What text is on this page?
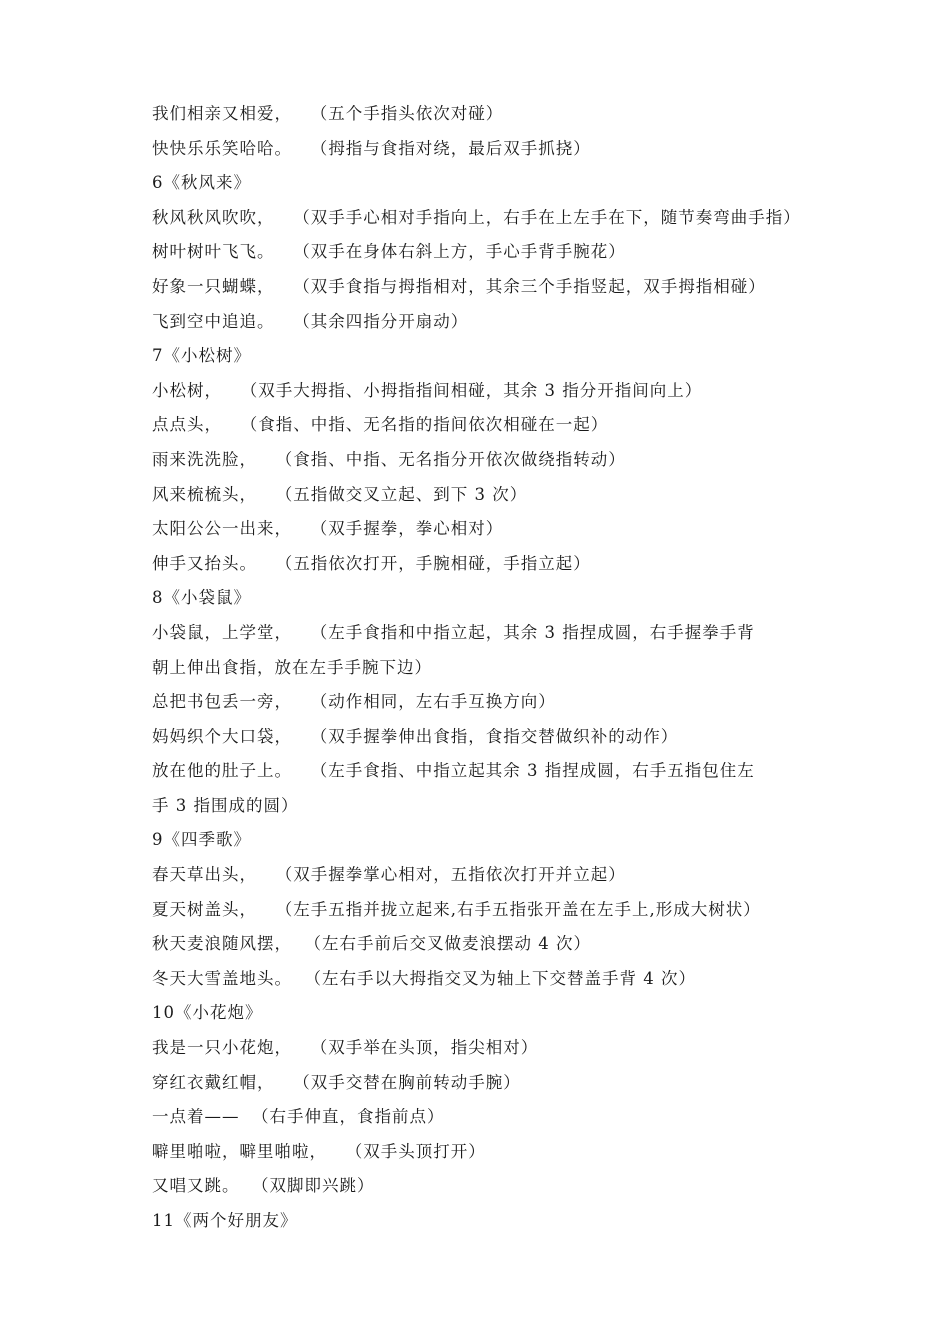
我们相亲又相爱，   （五个手指头依次对碰）
快快乐乐笑哈哈。   （拇指与食指对绕，最后双手抓挠）
6《秋风来》
秋风秋风吹吹，   （双手手心相对手指向上，右手在上左手在下，随节奏弯曲手指）
树叶树叶飞飞。   （双手在身体右斜上方，手心手背手腕花）
好象一只蝴蝶，   （双手食指与拇指相对，其余三个手指竖起，双手拇指相碰）
飞到空中追追。   （其余四指分开扇动）
7《小松树》
小松树，   （双手大拇指、小拇指指间相碰，其余 3 指分开指间向上）
点点头，   （食指、中指、无名指的指间依次相碰在一起）
雨来洗洗脸，   （食指、中指、无名指分开依次做绕指转动）
风来梳梳头，   （五指做交叉立起、到下 3 次）
太阳公公一出来，   （双手握拳，拳心相对）
伸手又抬头。   （五指依次打开，手腕相碰，手指立起）
8《小袋鼠》
小袋鼠，上学堂，   （左手食指和中指立起，其余 3 指捏成圆，右手握拳手背
朝上伸出食指，放在左手手腕下边）
总把书包丢一旁，   （动作相同，左右手互换方向）
妈妈织个大口袋，   （双手握拳伸出食指，食指交替做织补的动作）
放在他的肚子上。   （左手食指、中指立起其余 3 指捏成圆，右手五指包住左
手 3 指围成的圆）
9《四季歌》
春天草出头，   （双手握拳掌心相对，五指依次打开并立起）
夏天树盖头，   （左手五指并拢立起来,右手五指张开盖在左手上,形成大树状）
秋天麦浪随风摆，  （左右手前后交叉做麦浪摆动 4 次）
冬天大雪盖地头。  （左右手以大拇指交叉为轴上下交替盖手背 4 次）
10《小花炮》
我是一只小花炮，   （双手举在头顶，指尖相对）
穿红衣戴红帽，   （双手交替在胸前转动手腕）
一点着——  （右手伸直，食指前点）
噼里啪啦，噼里啪啦，   （双手头顶打开）
又唱又跳。  （双脚即兴跳）
11《两个好朋友》
